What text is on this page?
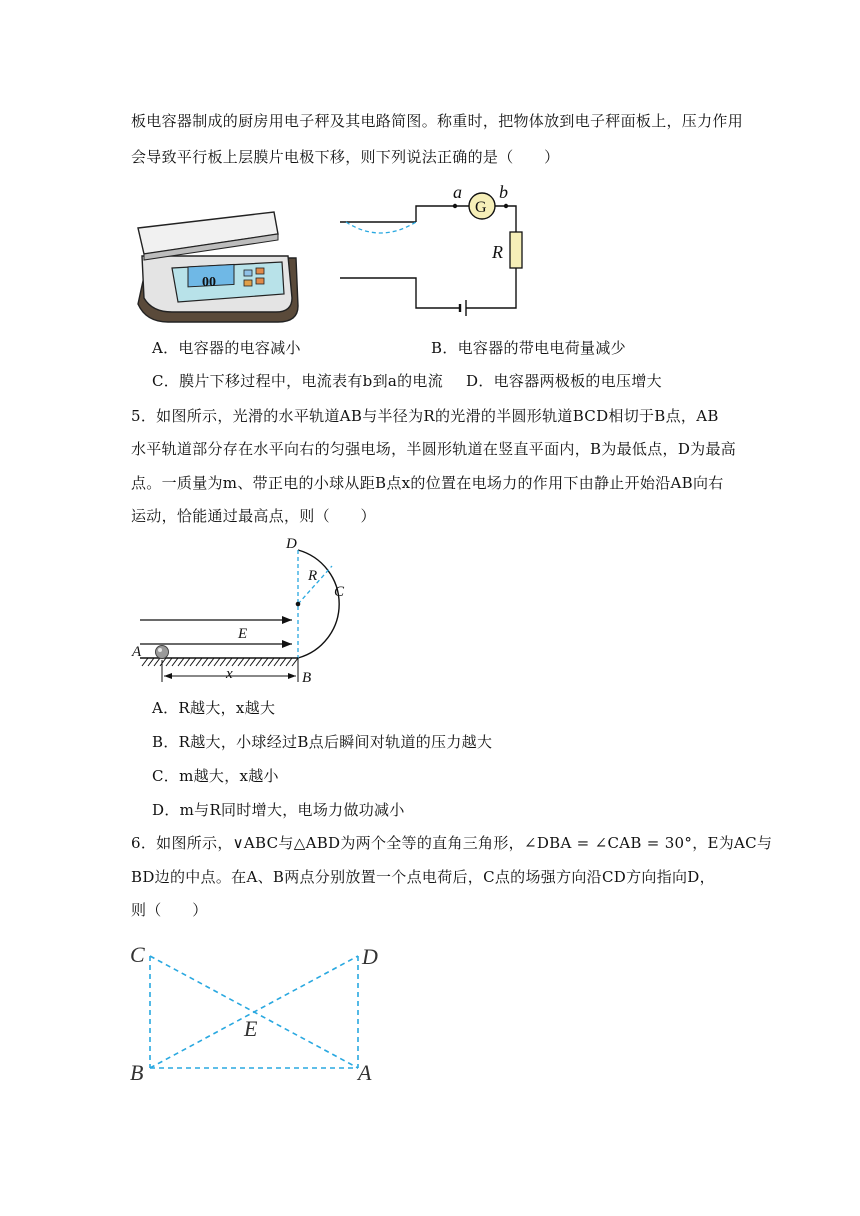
板电容器制成的厨房用电子秤及其电路简图。称重时，把物体放到电子秤面板上，压力作用
会导致平行板上层膜片电极下移，则下列说法正确的是（　　）
00
G
a b
R
A．电容器的电容减小	B．电容器的带电电荷量减少
C．膜片下移过程中，电流表有b到a的电流 D．电容器两极板的电压增大
5．如图所示，光滑的水平轨道AB与半径为R的光滑的半圆形轨道BCD相切于B点，AB
水平轨道部分存在水平向右的匀强电场，半圆形轨道在竖直平面内，B为最低点，D为最高
点。一质量为m、带正电的小球从距B点x的位置在电场力的作用下由静止开始沿AB向右
运动，恰能通过最高点，则（　　）
D
R
C
E
A
x	B
A．R越大，x越大
B．R越大，小球经过B点后瞬间对轨道的压力越大
C．m越大，x越小
D．m与R同时增大，电场力做功减小
6．如图所示，∨ABC与△ABD为两个全等的直角三角形，∠DBA = ∠CAB = 30°，E为AC与
BD边的中点。在A、B两点分别放置一个点电荷后，C点的场强方向沿CD方向指向D，
则（　　）
C	D
E
B	A
